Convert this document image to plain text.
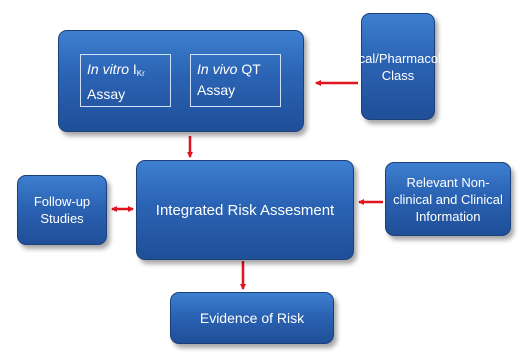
Chemical/Pharmacological Class
In vitro $I_{Kr}$
Assay
In vivo QT
Assay
Integrated Risk Assesment
Follow-up Studies
Relevant Non-clinical and Clinical Information
Evidence of Risk
